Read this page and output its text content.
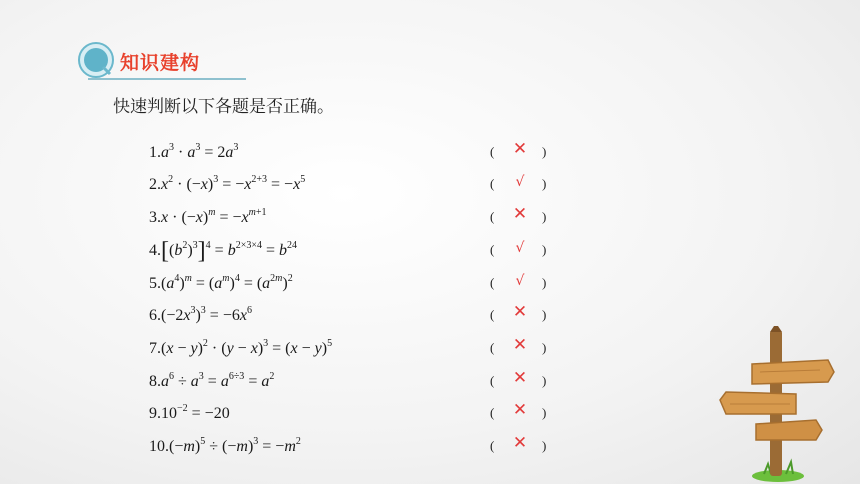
知识建构
快速判断以下各题是否正确。
$1.a^3 \cdot a^3 = 2a^3$	( ✕	)
$2.x^2 \cdot (-x)^3 = -x^{2+3} = -x^5$	(	√	)
$3.x \cdot (-x)^m = -x^{m+1}$	( ✕	)
$4.[(b^2)^3]^4 = b^{2\times 3\times 4} = b^{24}$	(	√	)
$5.(a^4)^m = (a^m)^4 = (a^{2m})^2$	(	√	)
$6.(-2x^3)^3 = -6x^6$	( ✕	)
$7.(x - y)^2 \cdot (y - x)^3 = (x - y)^5$	( ✕	)
$8.a^6 \div a^3 = a^{6\div 3} = a^2$	( ✕	)
$9.10^{-2} = -20$	( ✕	)
$10.(-m)^5 \div (-m)^3 = -m^2$	( ✕	)
